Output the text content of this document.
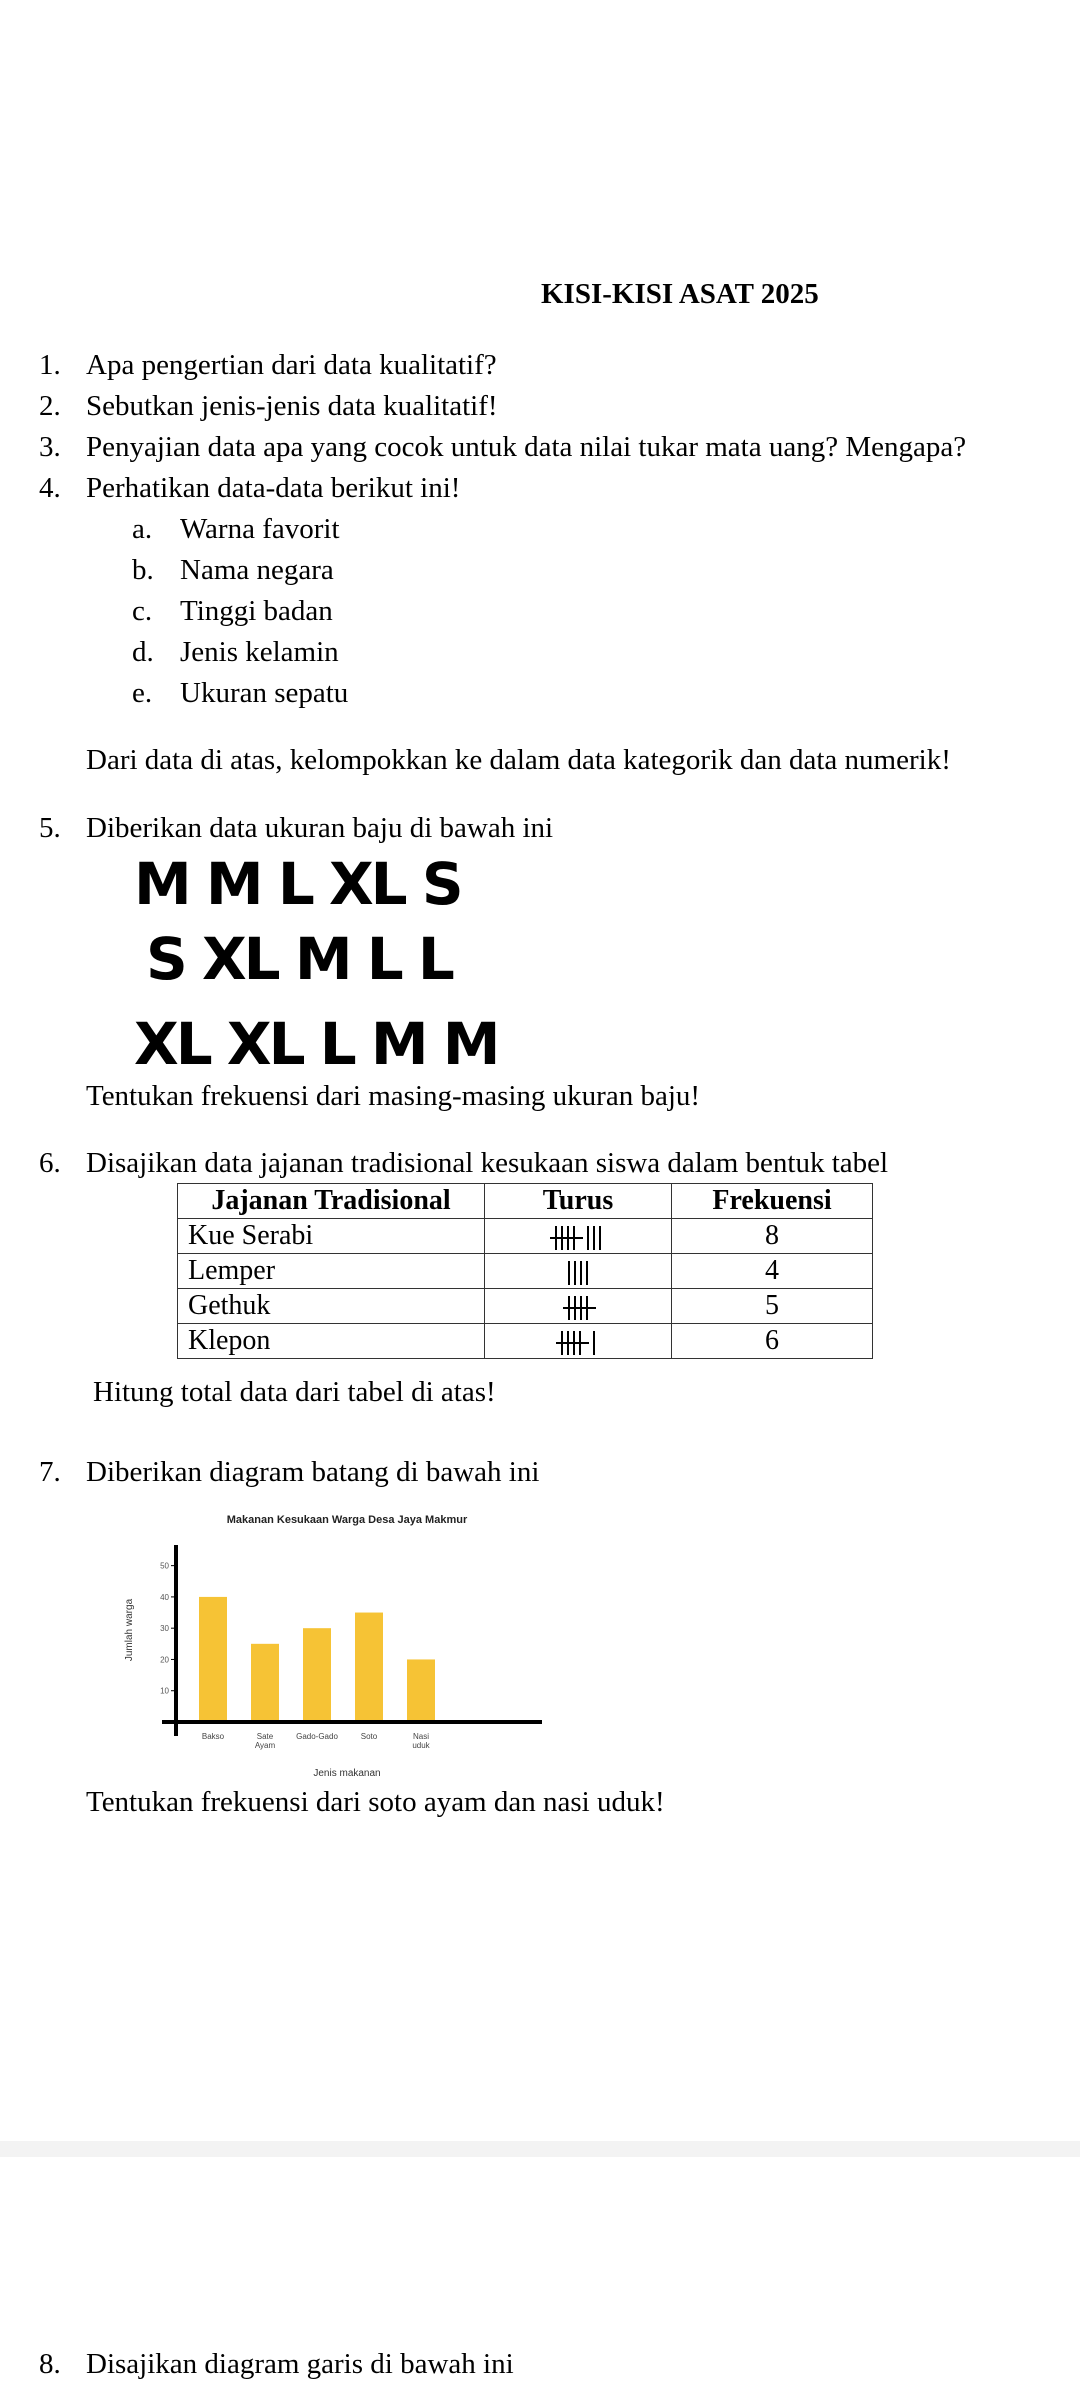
KISI-KISI ASAT 2025
1. Apa pengertian dari data kualitatif?
2. Sebutkan jenis-jenis data kualitatif!
3. Penyajian data apa yang cocok untuk data nilai tukar mata uang? Mengapa?
4. Perhatikan data-data berikut ini!
a. Warna favorit
b. Nama negara
c. Tinggi badan
d. Jenis kelamin
e. Ukuran sepatu
Dari data di atas, kelompokkan ke dalam data kategorik dan data numerik!
5. Diberikan data ukuran baju di bawah ini
M M L XL S
S XL M L L
XL XL L M M
Tentukan frekuensi dari masing-masing ukuran baju!
6. Disajikan data jajanan tradisional kesukaan siswa dalam bentuk tabel
Jajanan Tradisional	Turus	Frekuensi
Kue Serabi		8
Lemper		4
Gethuk		5
Klepon		6
Hitung total data dari tabel di atas!
7. Diberikan diagram batang di bawah ini
Makanan Kesukaan Warga Desa Jaya Makmur
Jumlah warga
Jenis makanan
Bakso	Sate
Ayam
Gado-Gado	Soto	Nasi
uduk
10
20
30
40
50
Tentukan frekuensi dari soto ayam dan nasi uduk!
8. Disajikan diagram garis di bawah ini
